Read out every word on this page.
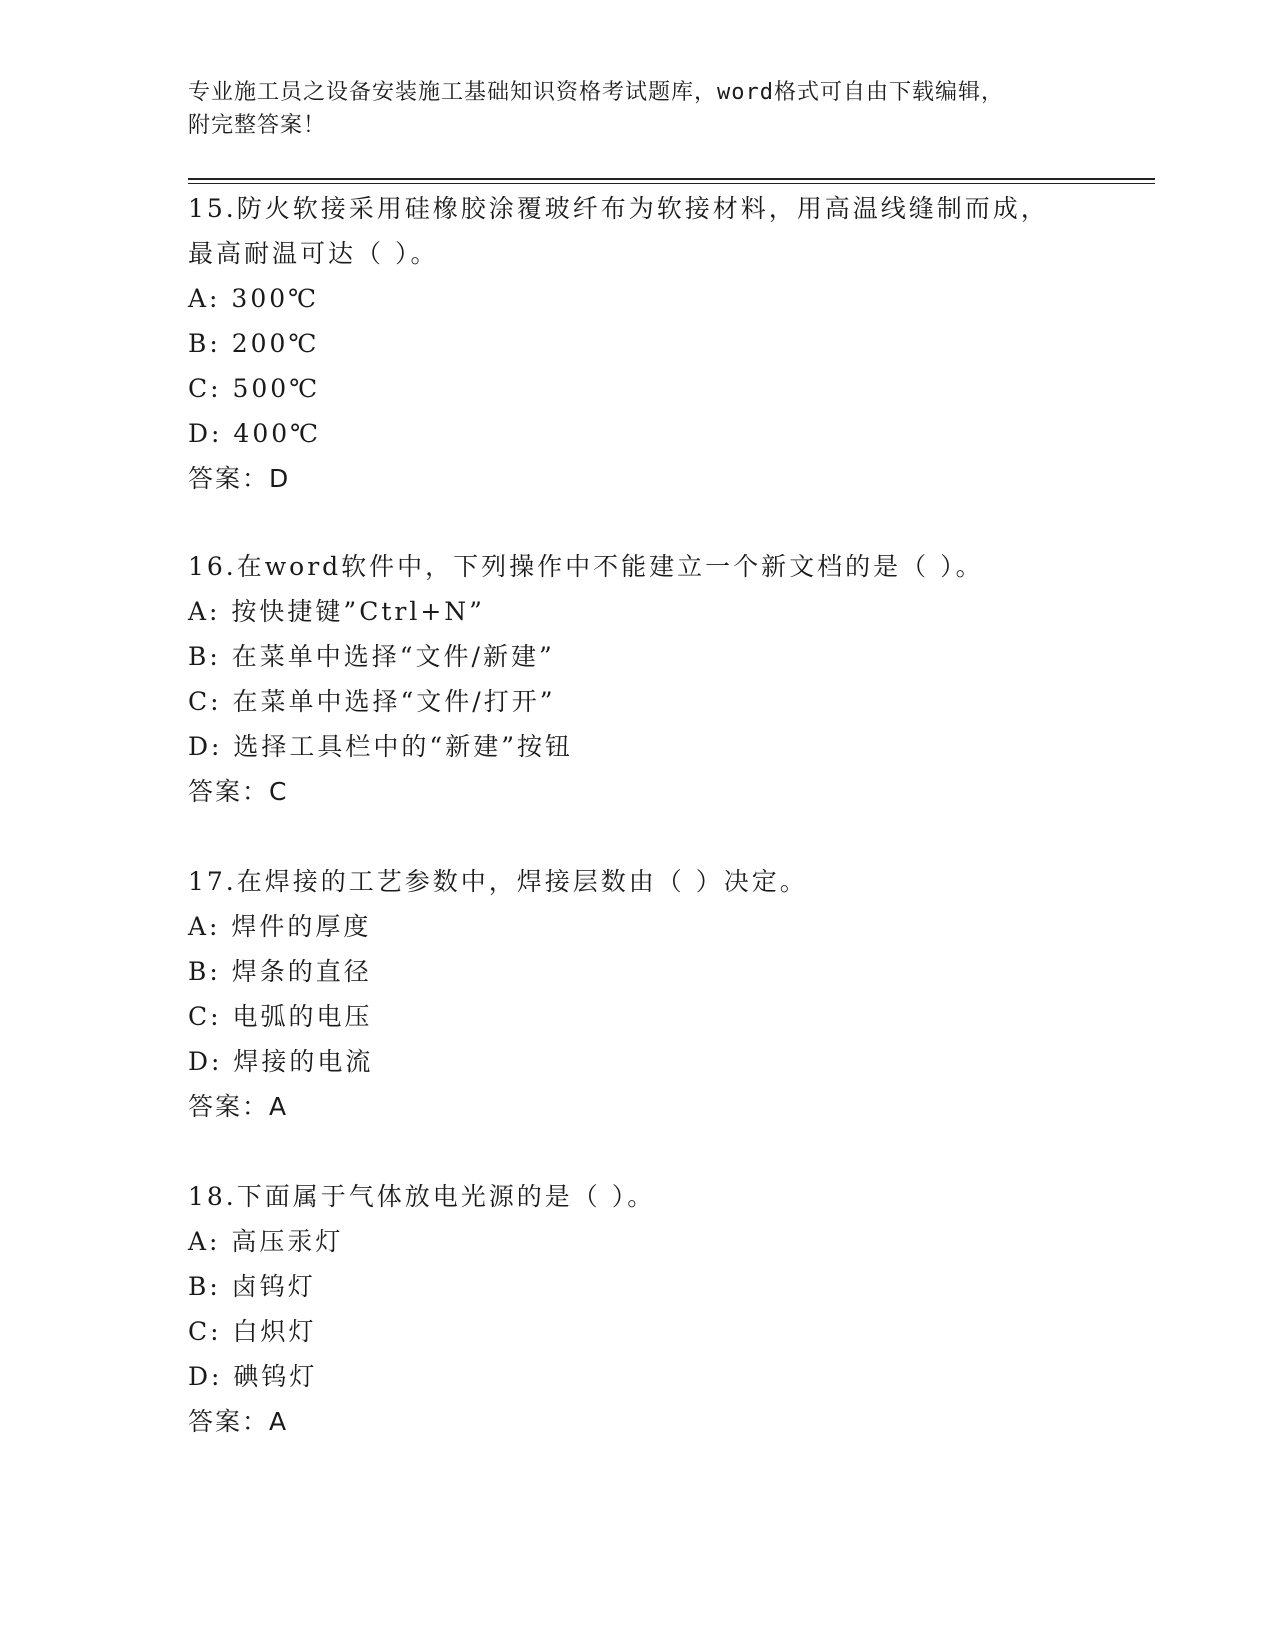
专业施工员之设备安装施工基础知识资格考试题库，word格式可自由下载编辑，
附完整答案！
15.防火软接采用硅橡胶涂覆玻纤布为软接材料，用高温线缝制而成，
最高耐温可达（ ）。
A: 300℃
B: 200℃
C: 500℃
D: 400℃
答案：D
16.在word软件中，下列操作中不能建立一个新文档的是（ ）。
A: 按快捷键”Ctrl+N”
B: 在菜单中选择“文件/新建”
C: 在菜单中选择“文件/打开”
D: 选择工具栏中的“新建”按钮
答案：C
17.在焊接的工艺参数中，焊接层数由（ ）决定。
A: 焊件的厚度
B: 焊条的直径
C: 电弧的电压
D: 焊接的电流
答案：A
18.下面属于气体放电光源的是（ ）。
A: 高压汞灯
B: 卤钨灯
C: 白炽灯
D: 碘钨灯
答案：A
